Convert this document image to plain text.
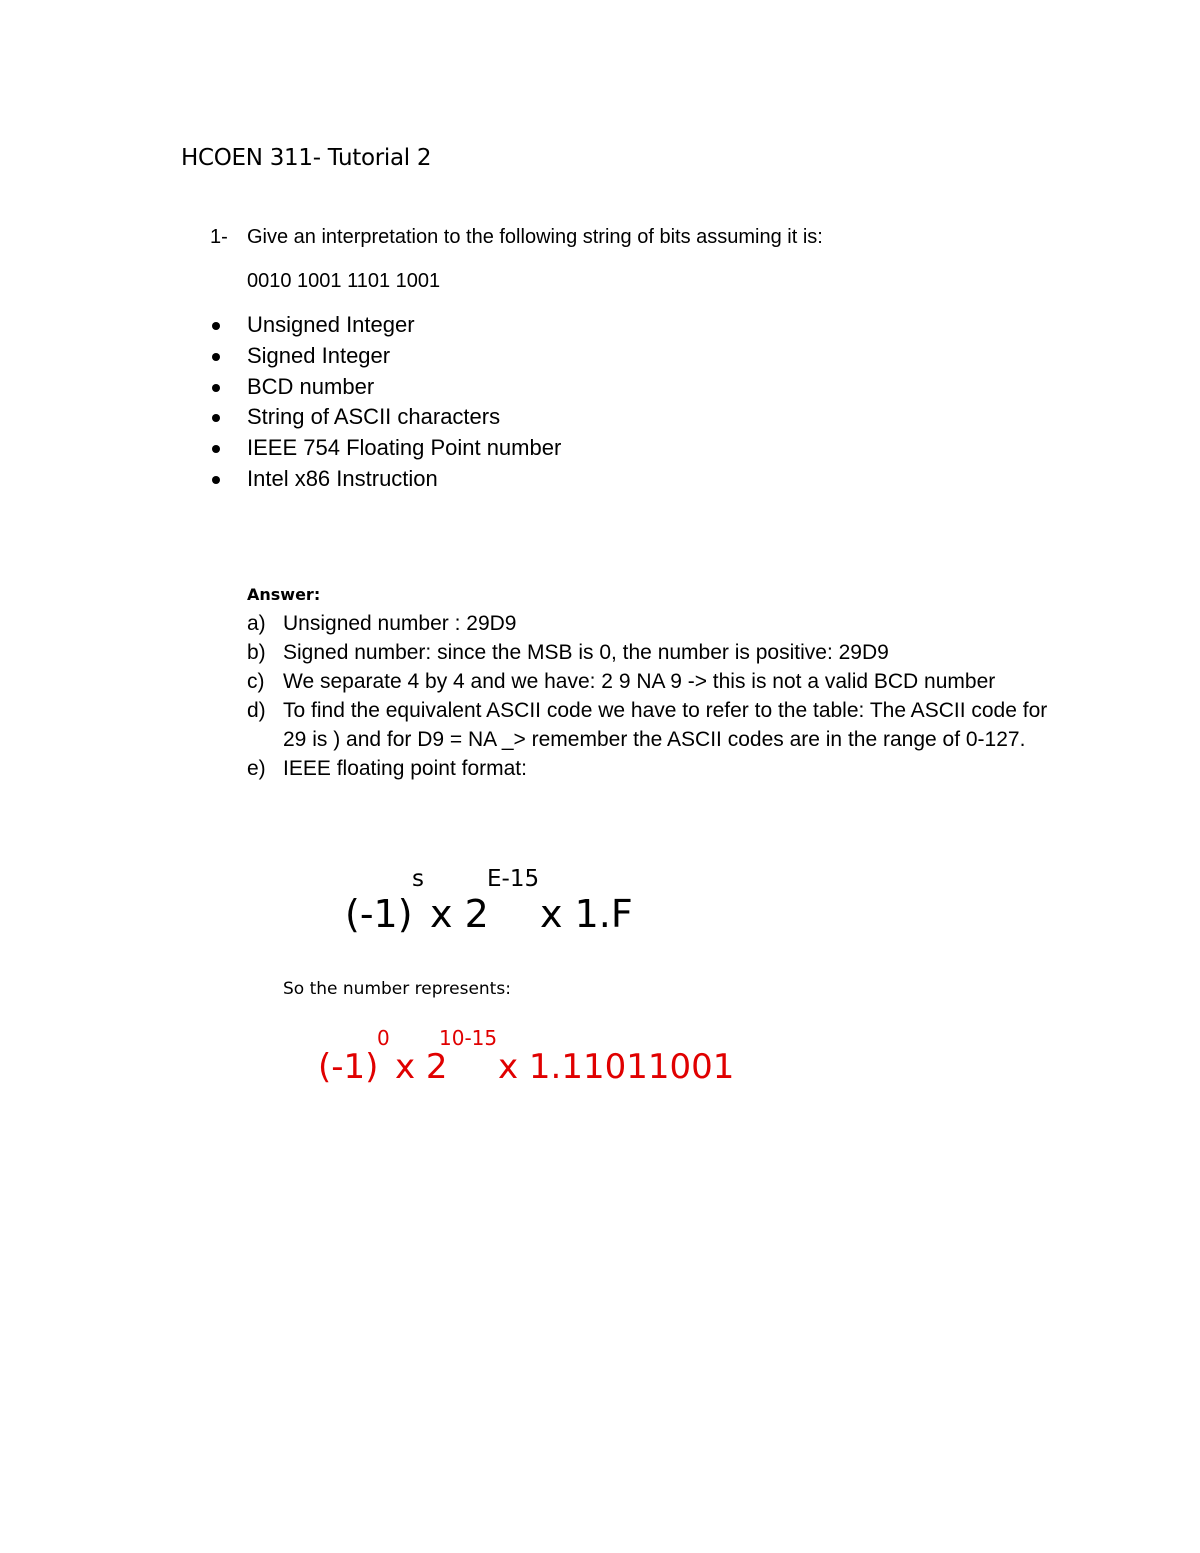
HCOEN 311- Tutorial 2
1- Give an interpretation to the following string of bits assuming it is:
0010 1001 1101 1001
Unsigned Integer
Signed Integer
BCD number
String of ASCII characters
IEEE 754 Floating Point number
Intel x86 Instruction
Answer:
a) Unsigned number : 29D9
b) Signed number: since the MSB is 0, the number is positive: 29D9
c) We separate 4 by 4 and we have: 2 9 NA 9 -> this is not a valid BCD number
d) To find the equivalent ASCII code we have to refer to the table: The ASCII code for 29 is ) and for D9 = NA _> remember the ASCII codes are in the range of 0-127.
e) IEEE floating point format:
(-1)
s
x 2
E-15
x 1.F
So the number represents:
(-1)
0
x 2
10-15
x 1.11011001
